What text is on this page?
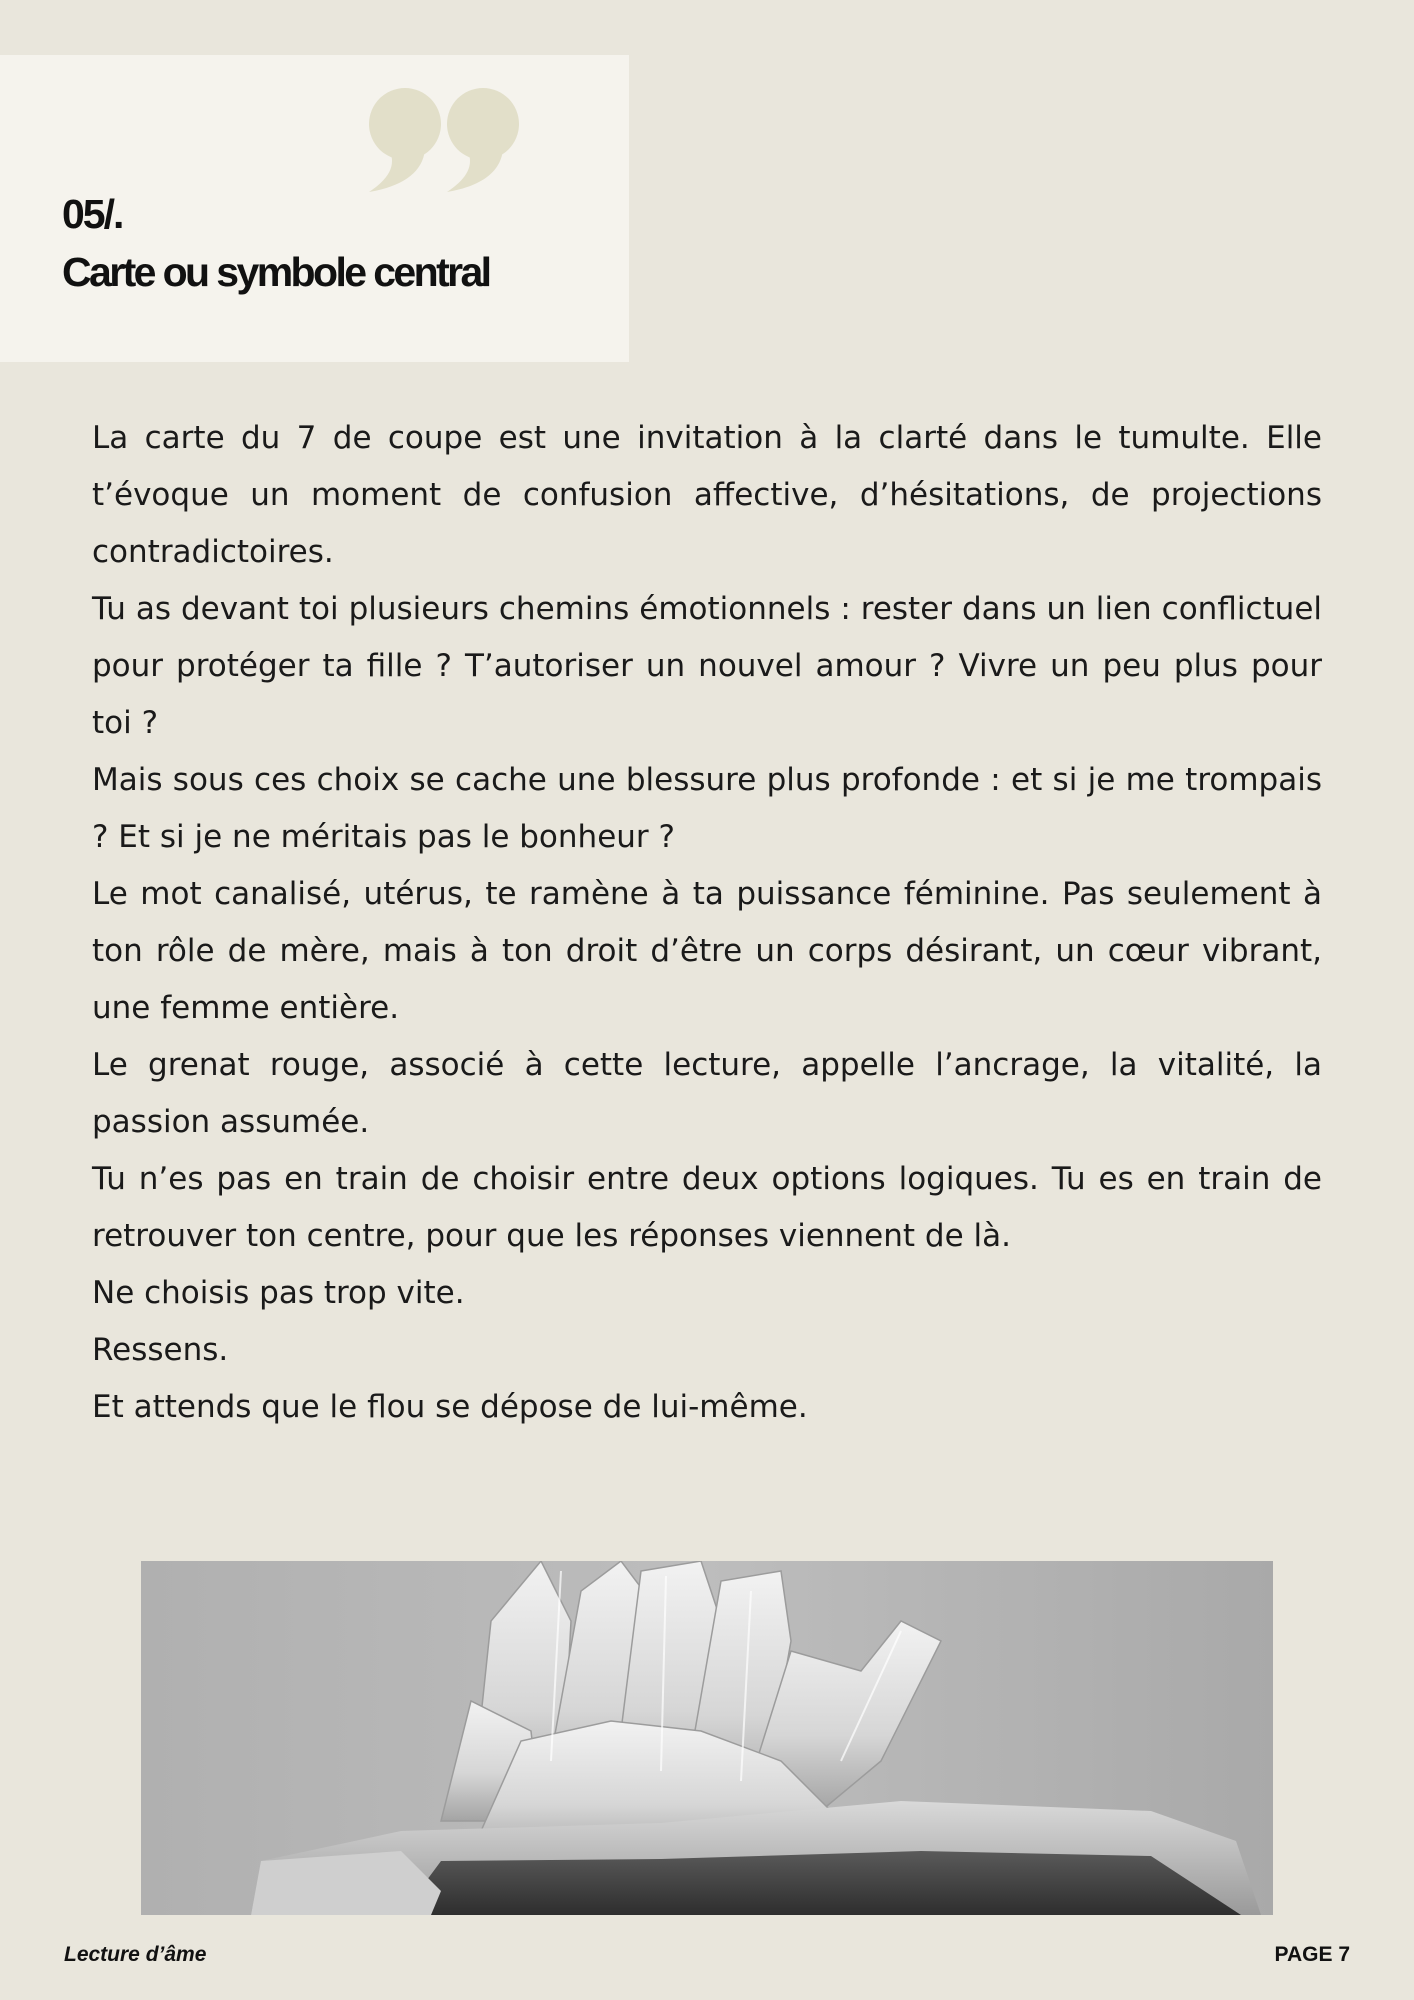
05/.
Carte ou symbole central

La carte du 7 de coupe est une invitation à la clarté dans le tumulte. Elle t’évoque un moment de confusion affective, d’hésitations, de projections contradictoires.

Tu as devant toi plusieurs chemins émotionnels : rester dans un lien conflictuel pour protéger ta fille ? T’autoriser un nouvel amour ? Vivre un peu plus pour toi ?

Mais sous ces choix se cache une blessure plus profonde : et si je me trompais ? Et si je ne méritais pas le bonheur ?

Le mot canalisé, utérus, te ramène à ta puissance féminine. Pas seulement à ton rôle de mère, mais à ton droit d’être un corps désirant, un cœur vibrant, une femme entière.

Le grenat rouge, associé à cette lecture, appelle l’ancrage, la vitalité, la passion assumée.

Tu n’es pas en train de choisir entre deux options logiques. Tu es en train de retrouver ton centre, pour que les réponses viennent de là.

Ne choisis pas trop vite.

Ressens.

Et attends que le flou se dépose de lui-même.

Lecture d’âme	PAGE 7
